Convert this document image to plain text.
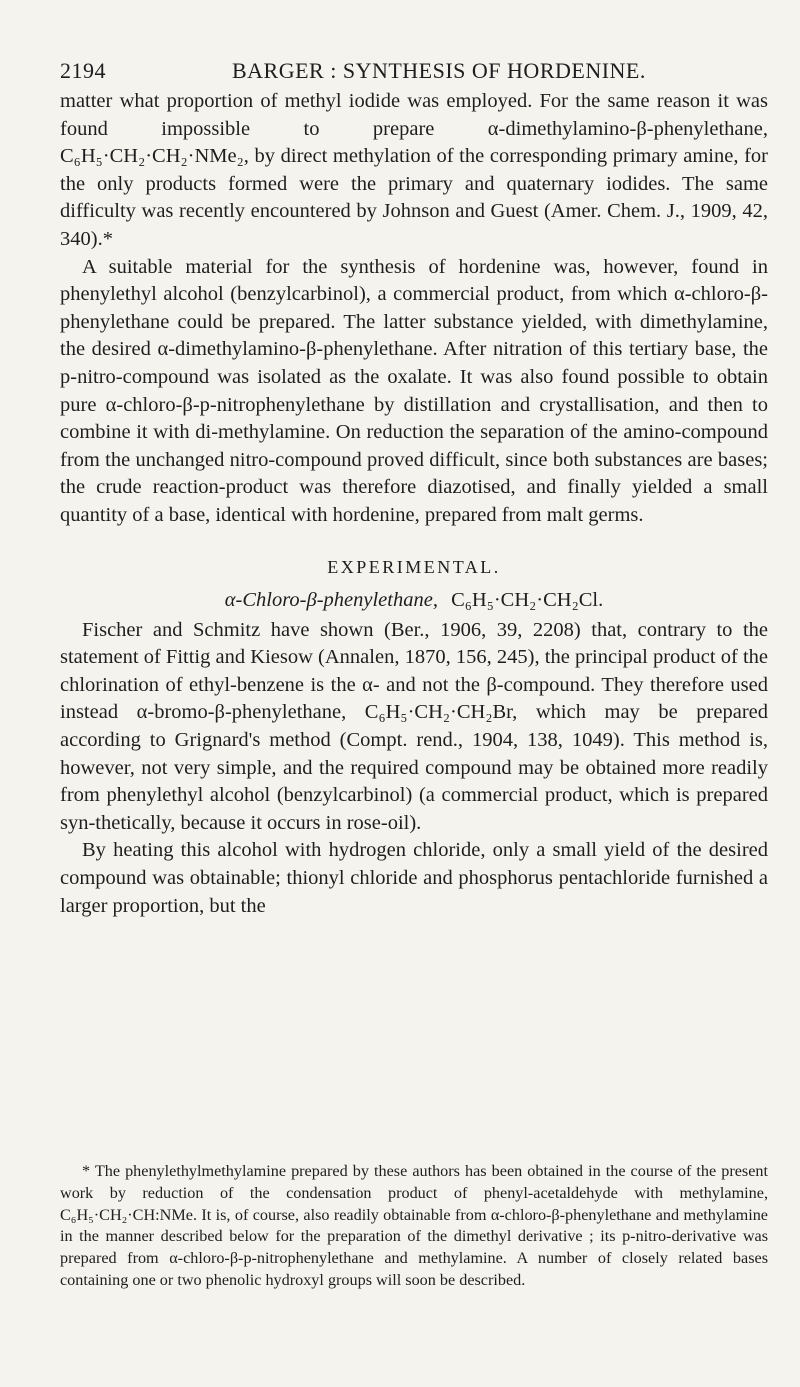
2194	BARGER : SYNTHESIS OF HORDENINE.

matter what proportion of methyl iodide was employed. For the same reason it was found impossible to prepare α-dimethylamino-β-phenylethane, C₆H₅·CH₂·CH₂·NMe₂, by direct methylation of the corresponding primary amine, for the only products formed were the primary and quaternary iodides. The same difficulty was recently encountered by Johnson and Guest (Amer. Chem. J., 1909, 42, 340).*

A suitable material for the synthesis of hordenine was, however, found in phenylethyl alcohol (benzylcarbinol), a commercial product, from which α-chloro-β-phenylethane could be prepared. The latter substance yielded, with dimethylamine, the desired α-dimethylamino-β-phenylethane. After nitration of this tertiary base, the p-nitro-compound was isolated as the oxalate. It was also found possible to obtain pure α-chloro-β-p-nitrophenylethane by distillation and crystallisation, and then to combine it with di-methylamine. On reduction the separation of the amino-compound from the unchanged nitro-compound proved difficult, since both substances are bases; the crude reaction-product was therefore diazotised, and finally yielded a small quantity of a base, identical with hordenine, prepared from malt germs.

EXPERIMENTAL.
α-Chloro-β-phenylethane, C₆H₅·CH₂·CH₂Cl.

Fischer and Schmitz have shown (Ber., 1906, 39, 2208) that, contrary to the statement of Fittig and Kiesow (Annalen, 1870, 156, 245), the principal product of the chlorination of ethyl-benzene is the α- and not the β-compound. They therefore used instead α-bromo-β-phenylethane, C₆H₅·CH₂·CH₂Br, which may be prepared according to Grignard's method (Compt. rend., 1904, 138, 1049). This method is, however, not very simple, and the required compound may be obtained more readily from phenylethyl alcohol (benzylcarbinol) (a commercial product, which is prepared syn-thetically, because it occurs in rose-oil).

By heating this alcohol with hydrogen chloride, only a small yield of the desired compound was obtainable; thionyl chloride and phosphorus pentachloride furnished a larger proportion, but the

* The phenylethylmethylamine prepared by these authors has been obtained in the course of the present work by reduction of the condensation product of phenyl-acetaldehyde with methylamine, C₆H₅·CH₂·CH:NMe. It is, of course, also readily obtainable from α-chloro-β-phenylethane and methylamine in the manner described below for the preparation of the dimethyl derivative ; its p-nitro-derivative was prepared from α-chloro-β-p-nitrophenylethane and methylamine. A number of closely related bases containing one or two phenolic hydroxyl groups will soon be described.
